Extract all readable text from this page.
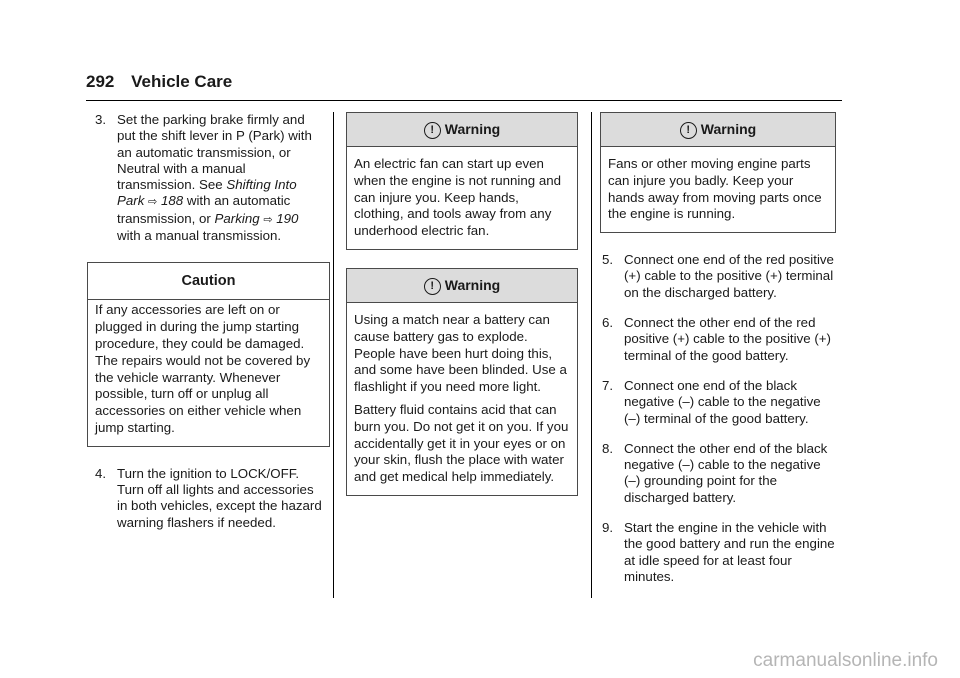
292 Vehicle Care
3. Set the parking brake firmly and put the shift lever in P (Park) with an automatic transmission, or Neutral with a manual transmission. See Shifting Into Park ⇨ 188 with an automatic transmission, or Parking ⇨ 190 with a manual transmission.

Caution

If any accessories are left on or plugged in during the jump starting procedure, they could be damaged. The repairs would not be covered by the vehicle warranty. Whenever possible, turn off or unplug all accessories on either vehicle when jump starting.

4. Turn the ignition to LOCK/OFF. Turn off all lights and accessories in both vehicles, except the hazard warning flashers if needed.

! Warning

An electric fan can start up even when the engine is not running and can injure you. Keep hands, clothing, and tools away from any underhood electric fan.

! Warning

Using a match near a battery can cause battery gas to explode. People have been hurt doing this, and some have been blinded. Use a flashlight if you need more light.

Battery fluid contains acid that can burn you. Do not get it on you. If you accidentally get it in your eyes or on your skin, flush the place with water and get medical help immediately.

! Warning

Fans or other moving engine parts can injure you badly. Keep your hands away from moving parts once the engine is running.

5. Connect one end of the red positive (+) cable to the positive (+) terminal on the discharged battery.

6. Connect the other end of the red positive (+) cable to the positive (+) terminal of the good battery.

7. Connect one end of the black negative (–) cable to the negative (–) terminal of the good battery.

8. Connect the other end of the black negative (–) cable to the negative (–) grounding point for the discharged battery.

9. Start the engine in the vehicle with the good battery and run the engine at idle speed for at least four minutes.

carmanualsonline.info
